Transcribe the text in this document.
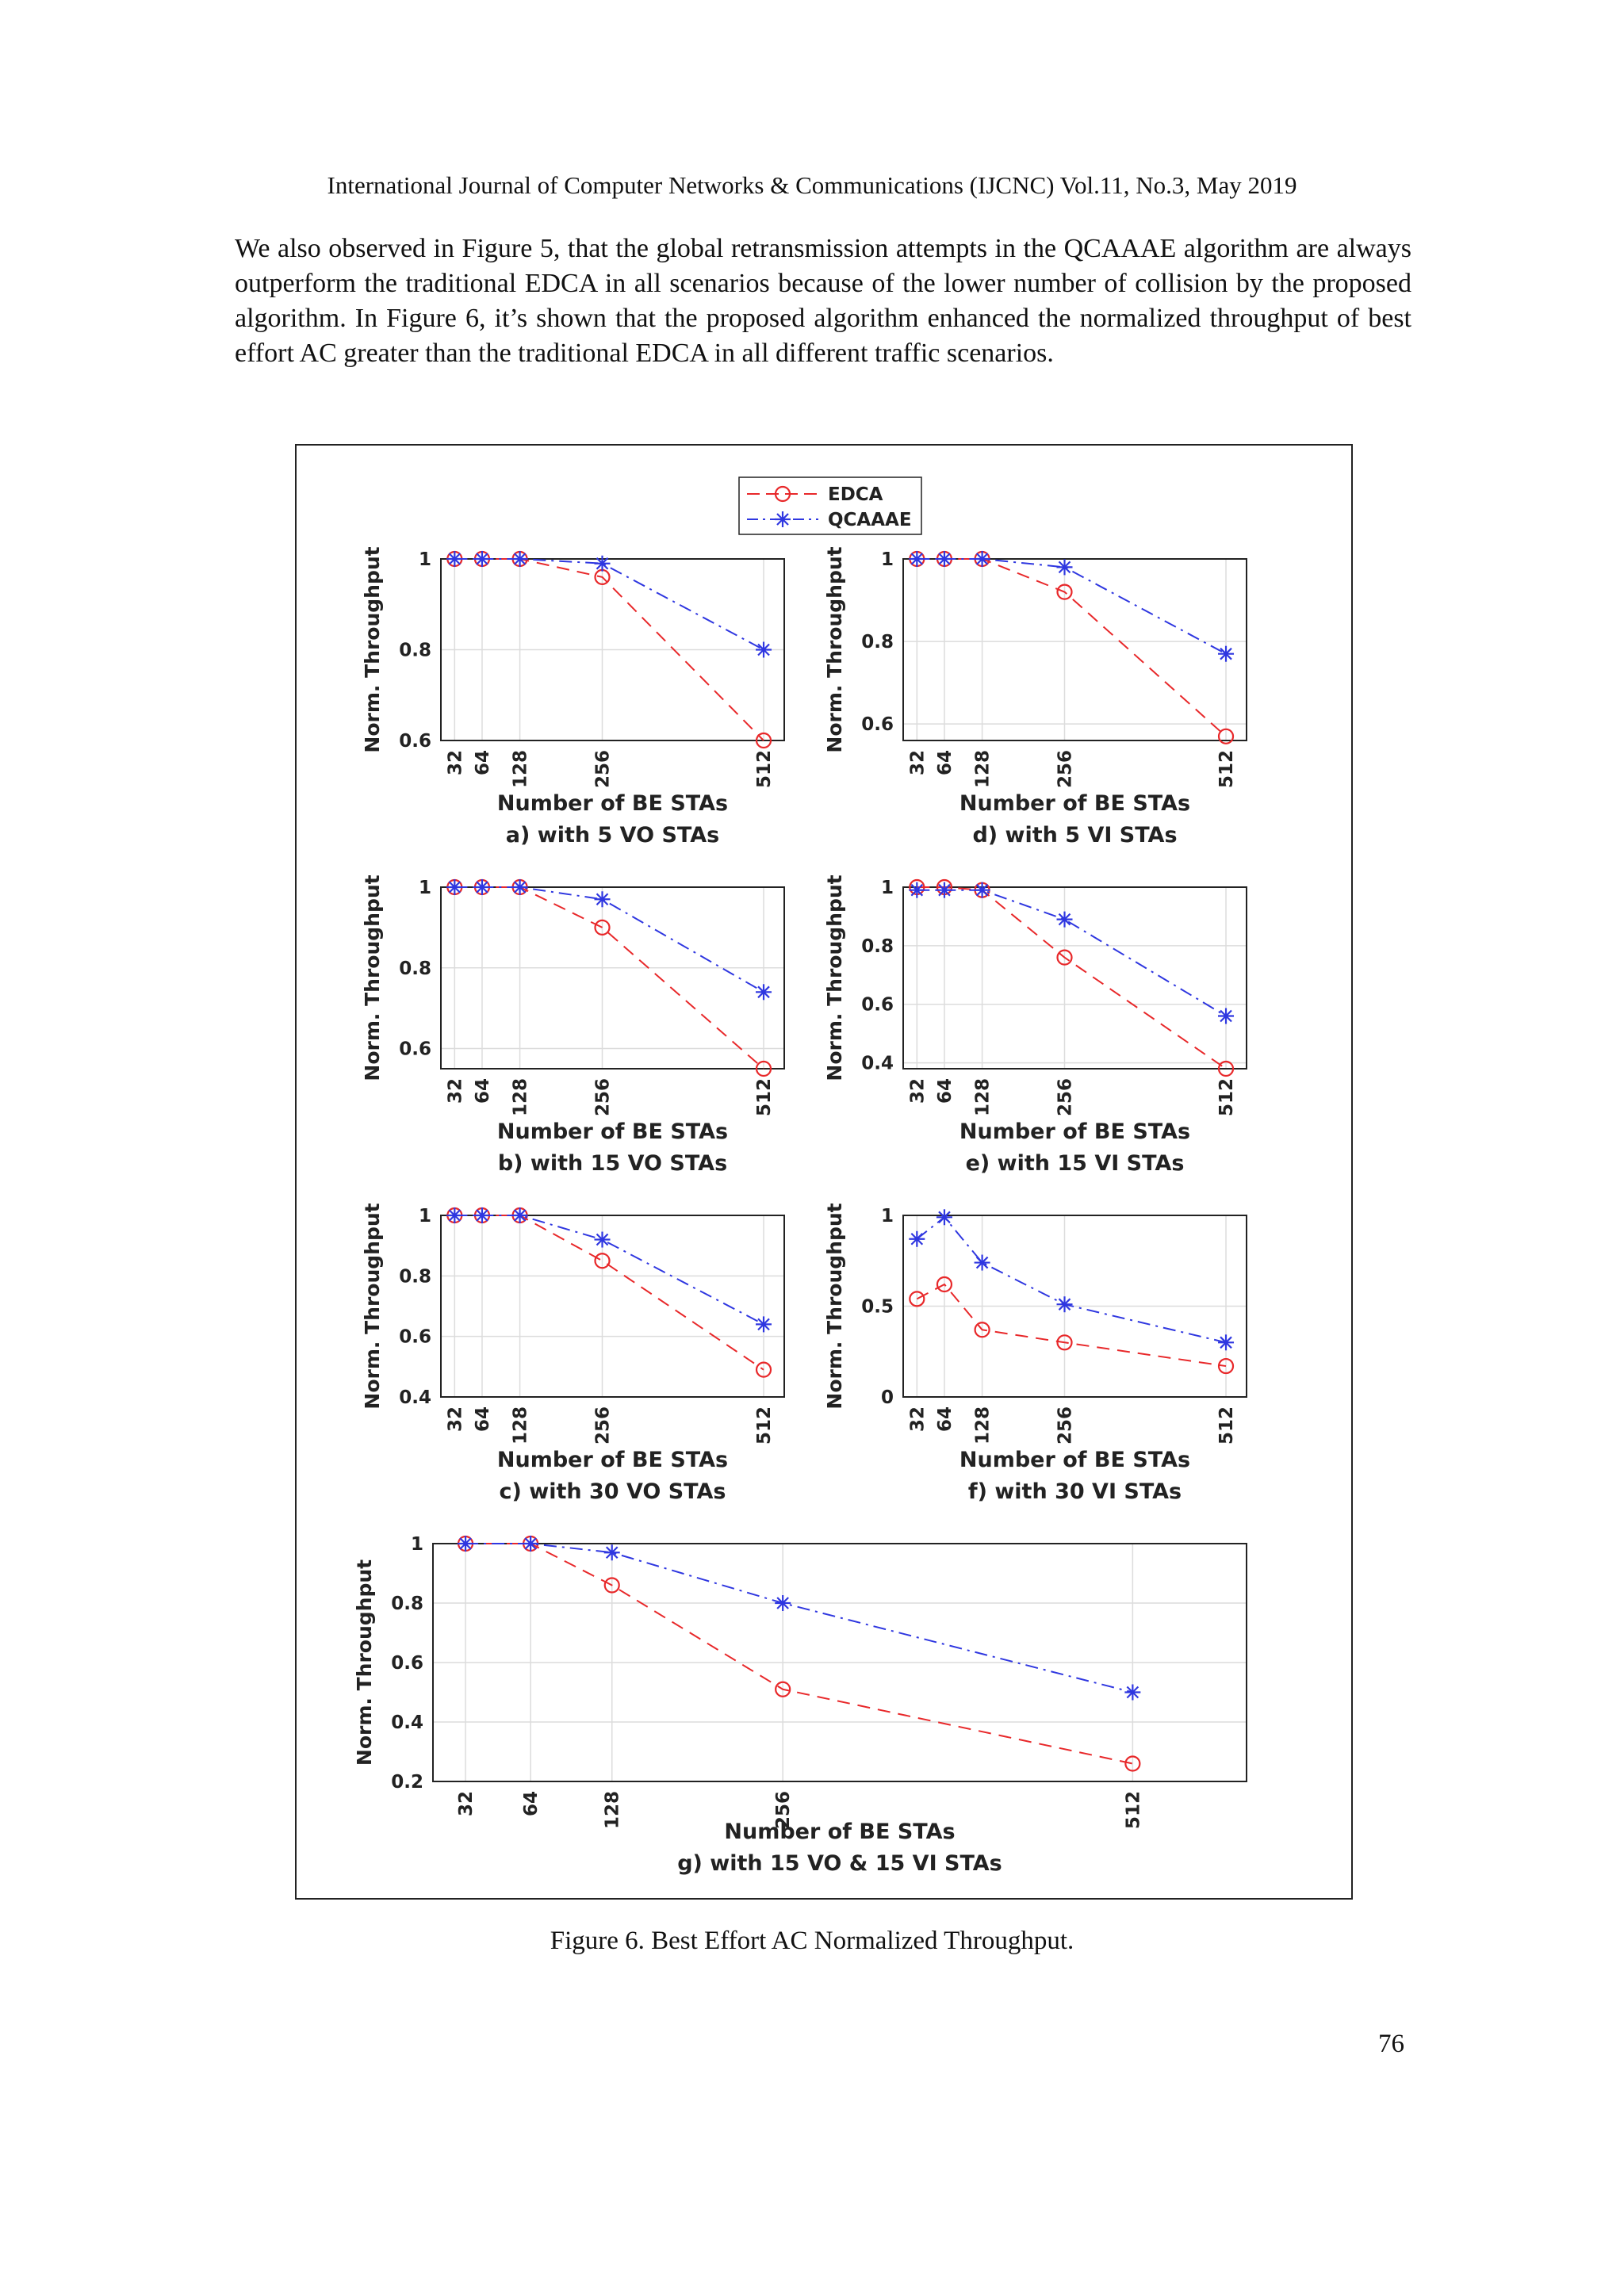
International Journal of Computer Networks & Communications (IJCNC) Vol.11, No.3, May 2019
We also observed in Figure 5, that the global retransmission attempts in the QCAAAE algorithm are always outperform the traditional EDCA in all scenarios because of the lower number of collision by the proposed algorithm. In Figure 6, it’s shown that the proposed algorithm enhanced the normalized throughput of best effort AC greater than the traditional EDCA in all different traffic scenarios.
0.6
0.8
1
32 64 128	256	512
Norm. Throughput
Number of BE STAs
a) with 5 VO STAs
0.6
0.8
1
32 64 128	256	512
Norm. Throughput
Number of BE STAs
d) with 5 VI STAs
0.6
0.8
1
32 64 128	256	512
Norm. Throughput
Number of BE STAs
b) with 15 VO STAs
0.4
0.6
0.8
1
32 64 128	256	512
Norm. Throughput
Number of BE STAs
e) with 15 VI STAs
0.4
0.6
0.8
1
32 64 128	256	512
Norm. Throughput
Number of BE STAs
c) with 30 VO STAs
0
0.5
1
32 64 128	256	512
Norm. Throughput
Number of BE STAs
f) with 30 VI STAs
0.2
0.4
0.6
0.8
1
32 64	128	256	512
Norm. Throughput
Number of BE STAs
g) with 15 VO & 15 VI STAs
EDCA
QCAAAE
Figure 6. Best Effort AC Normalized Throughput.
76
